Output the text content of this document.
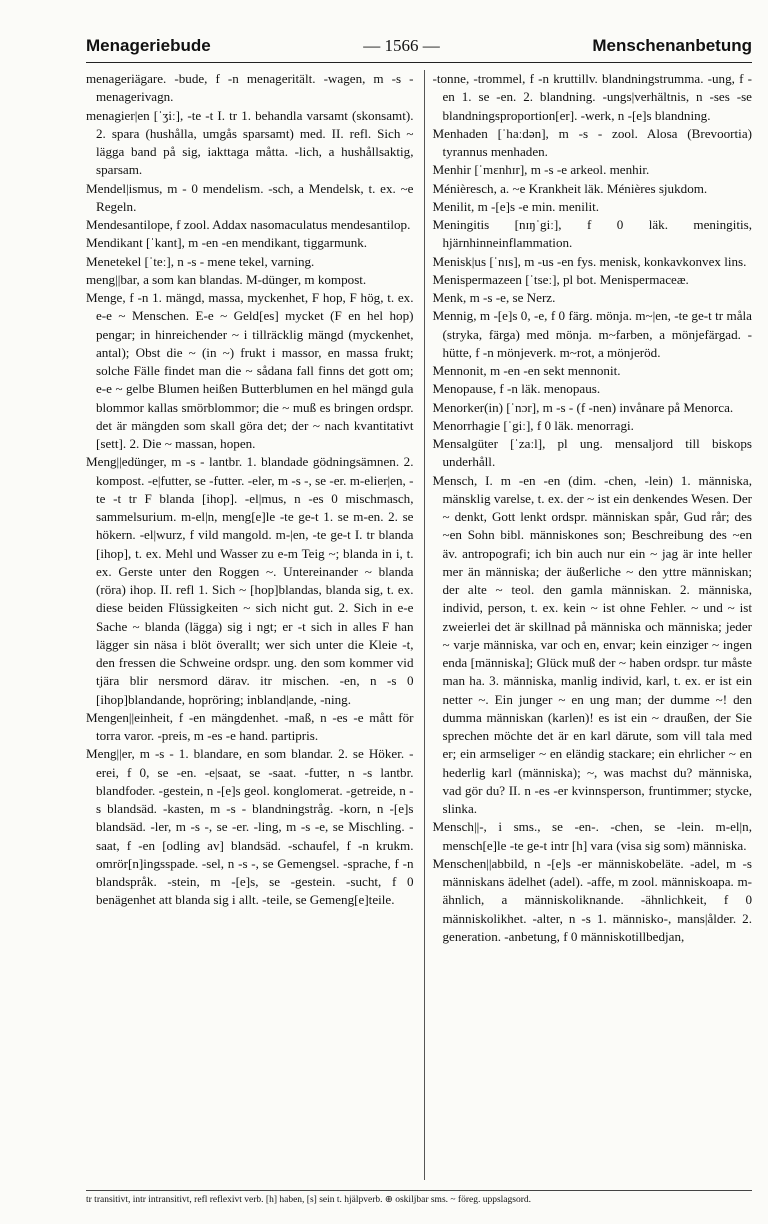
Menageriebude	— 1566 —	Menschenanbetung

menageriägare. -bude, f -n menageritält. -wagen, m -s - menagerivagn.

menagier|en [ˈʒiː], -te -t I. tr 1. behandla varsamt (skonsamt). 2. spara (hushålla, umgås sparsamt) med. II. refl. Sich ~ lägga band på sig, iakttaga måtta. -lich, a hushållsaktig, sparsam.

Mendel|ismus, m - 0 mendelism. -sch, a Mendelsk, t. ex. ~e Regeln.

Mendesantilope, f zool. Addax nasomaculatus mendesantilop.

Mendikant [ˈkant], m -en -en mendikant, tiggarmunk.

Menetekel [ˈteː], n -s - mene tekel, varning.

meng||bar, a som kan blandas. M-dünger, m kompost.

Menge, f -n 1. mängd, massa, myckenhet, F hop, F hög, t. ex. e-e ~ Menschen. E-e ~ Geld[es] mycket (F en hel hop) pengar; in hinreichender ~ i tillräcklig mängd (myckenhet, antal); Obst die ~ (in ~) frukt i massor, en massa frukt; solche Fälle findet man die ~ sådana fall finns det gott om; e-e ~ gelbe Blumen heißen Butterblumen en hel mängd gula blommor kallas smörblommor; die ~ muß es bringen ordspr. det är mängden som skall göra det; der ~ nach kvantitativt [sett]. 2. Die ~ massan, hopen.

Meng||edünger, m -s - lantbr. 1. blandade gödningsämnen. 2. kompost. -e|futter, se -futter. -eler, m -s -, se -er. m-elier|en, -te -t tr F blanda [ihop]. -el|mus, n -es 0 mischmasch, sammelsurium. m-el|n, meng[e]le -te ge-t 1. se m-en. 2. se hökern. -el|wurz, f vild mangold. m-|en, -te ge-t I. tr blanda [ihop], t. ex. Mehl und Wasser zu e-m Teig ~; blanda in i, t. ex. Gerste unter den Roggen ~. Untereinander ~ blanda (röra) ihop. II. refl 1. Sich ~ [hop]blandas, blanda sig, t. ex. diese beiden Flüssigkeiten ~ sich nicht gut. 2. Sich in e-e Sache ~ blanda (lägga) sig i ngt; er -t sich in alles F han lägger sin näsa i blöt överallt; wer sich unter die Kleie -t, den fressen die Schweine ordspr. ung. den som kommer vid tjära blir nersmord därav. itr mischen. -en, n -s 0 [ihop]blandande, hopröring; inbland|ande, -ning.

Mengen||einheit, f -en mängdenhet. -maß, n -es -e mått för torra varor. -preis, m -es -e hand. partipris.

Meng||er, m -s - 1. blandare, en som blandar. 2. se Höker. -erei, f 0, se -en. -e|saat, se -saat. -futter, n -s lantbr. blandfoder. -gestein, n -[e]s geol. konglomerat. -getreide, n -s blandsäd. -kasten, m -s - blandningstråg. -korn, n -[e]s blandsäd. -ler, m -s -, se -er. -ling, m -s -e, se Mischling. -saat, f -en [odling av] blandsäd. -schaufel, f -n krukm. omrör[n]ingsspade. -sel, n -s -, se Gemengsel. -sprache, f -n blandspråk. -stein, m -[e]s, se -gestein. -sucht, f 0 benägenhet att blanda sig i allt. -teile, se Gemeng[e]teile.

-tonne, -trommel, f -n kruttillv. blandningstrumma. -ung, f -en 1. se -en. 2. blandning. -ungs|verhältnis, n -ses -se blandningsproportion[er]. -werk, n -[e]s blandning.

Menhaden [ˈhaːdən], m -s - zool. Alosa (Brevoortia) tyrannus menhaden.

Menhir [ˈmɛnhɪr], m -s -e arkeol. menhir.

Ménièresch, a. ~e Krankheit läk. Ménières sjukdom.

Menilit, m -[e]s -e min. menilit.

Meningitis [nɪŋˈgiː], f 0 läk. meningitis, hjärnhinneinflammation.

Menisk|us [ˈnɪs], m -us -en fys. menisk, konkavkonvex lins.

Menispermazeen [ˈtseː], pl bot. Menispermaceæ.

Menk, m -s -e, se Nerz.

Mennig, m -[e]s 0, -e, f 0 färg. mönja. m~|en, -te ge-t tr måla (stryka, färga) med mönja. m~farben, a mönjefärgad. -hütte, f -n mönjeverk. m~rot, a mönjeröd.

Mennonit, m -en -en sekt mennonit.

Menopause, f -n läk. menopaus.

Menorker(in) [ˈnɔr], m -s - (f -nen) invånare på Menorca.

Menorrhagie [ˈgiː], f 0 läk. menorragi.

Mensalgüter [ˈzaːl], pl ung. mensaljord till biskops underhåll.

Mensch, I. m -en -en (dim. -chen, -lein) 1. människa, mänsklig varelse, t. ex. der ~ ist ein denkendes Wesen. Der ~ denkt, Gott lenkt ordspr. människan spår, Gud rår; des ~en Sohn bibl. människones son; Beschreibung des ~en äv. antropografi; ich bin auch nur ein ~ jag är inte heller mer än människa; der äußerliche ~ den yttre människan; der alte ~ teol. den gamla människan. 2. människa, individ, person, t. ex. kein ~ ist ohne Fehler. ~ und ~ ist zweierlei det är skillnad på människa och människa; jeder ~ varje människa, var och en, envar; kein einziger ~ ingen enda [människa]; Glück muß der ~ haben ordspr. tur måste man ha. 3. människa, manlig individ, karl, t. ex. er ist ein netter ~. Ein junger ~ en ung man; der dumme ~! den dumma människan (karlen)! es ist ein ~ draußen, der Sie sprechen möchte det är en karl därute, som vill tala med er; ein armseliger ~ en eländig stackare; ein ehrlicher ~ en hederlig karl (människa); ~, was machst du? människa, vad gör du? II. n -es -er kvinnsperson, fruntimmer; stycke, slinka.

Mensch||-, i sms., se -en-. -chen, se -lein. m-el|n, mensch[e]le -te ge-t intr [h] vara (visa sig som) människa.

Menschen||abbild, n -[e]s -er människobeläte. -adel, m -s människans ädelhet (adel). -affe, m zool. människoapa. m-ähnlich, a människoliknande. -ähnlichkeit, f 0 människolikhet. -alter, n -s 1. människo-, mans|ålder. 2. generation. -anbetung, f 0 människotillbedjan,

tr transitivt, intr intransitivt, refl reflexivt verb. [h] haben, [s] sein t. hjälpverb. ⊕ oskiljbar sms. ~ föreg. uppslagsord.
